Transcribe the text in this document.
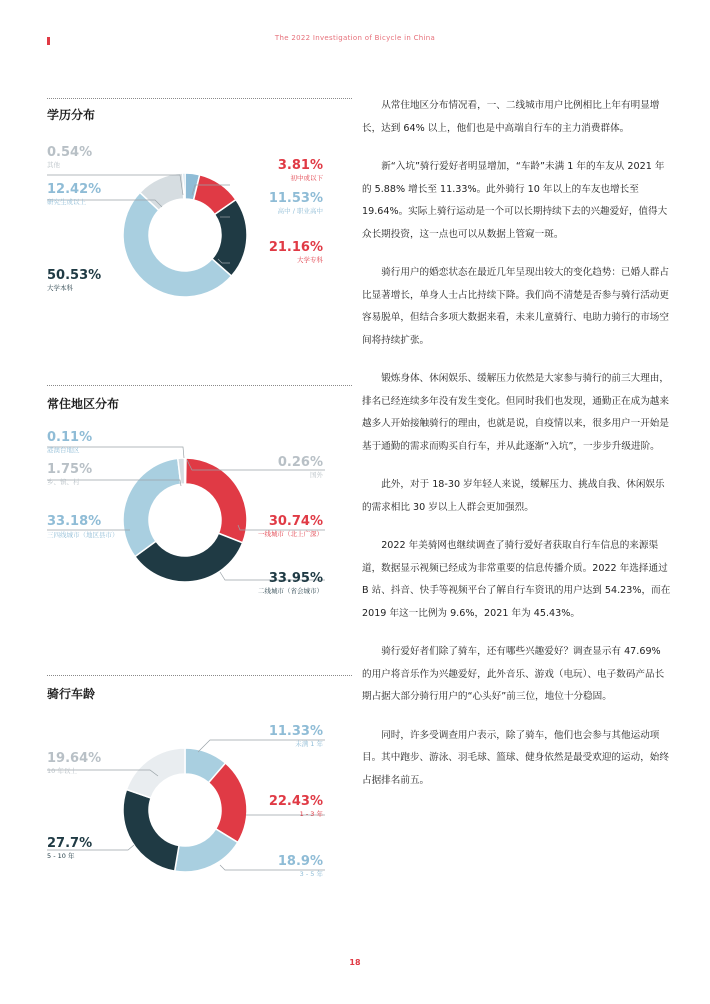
The 2022 Investigation of Bicycle in China
学历分布
0.54%
其他
12.42%
研究生或以上
3.81%
初中或以下
11.53%
高中 / 职业高中
21.16%
大学专科
50.53%
大学本科
常住地区分布
0.11%
港澳台地区
1.75%
乡、镇、村
0.26%
国外
33.18%
三四线城市（地区县市）
30.74%
一线城市（北上广深）
33.95%
二线城市（省会城市）
骑行车龄
11.33%
未满 1 年
19.64%
10 年以上
22.43%
1 - 3 年
27.7%
5 - 10 年	18.9%
3 - 5 年

从常住地区分布情况看，一、二线城市用户比例相比上年有明显增长，达到 64% 以上，他们也是中高端自行车的主力消费群体。

新“入坑”骑行爱好者明显增加，“车龄”未满 1 年的车友从 2021 年的 5.88% 增长至 11.33%。此外骑行 10 年以上的车友也增长至 19.64%。实际上骑行运动是一个可以长期持续下去的兴趣爱好，值得大众长期投资，这一点也可以从数据上管窥一斑。

骑行用户的婚恋状态在最近几年呈现出较大的变化趋势：已婚人群占比显著增长，单身人士占比持续下降。我们尚不清楚是否参与骑行活动更容易脱单，但结合多项大数据来看，未来儿童骑行、电助力骑行的市场空间将持续扩张。

锻炼身体、休闲娱乐、缓解压力依然是大家参与骑行的前三大理由，排名已经连续多年没有发生变化。但同时我们也发现，通勤正在成为越来越多人开始接触骑行的理由，也就是说，自疫情以来，很多用户一开始是基于通勤的需求而购买自行车，并从此逐渐“入坑”，一步步升级进阶。

此外，对于 18-30 岁年轻人来说，缓解压力、挑战自我、休闲娱乐的需求相比 30 岁以上人群会更加强烈。

2022 年美骑网也继续调查了骑行爱好者获取自行车信息的来源渠道，数据显示视频已经成为非常重要的信息传播介质。2022 年选择通过 B 站、抖音、快手等视频平台了解自行车资讯的用户达到 54.23%，而在 2019 年这一比例为 9.6%，2021 年为 45.43%。

骑行爱好者们除了骑车，还有哪些兴趣爱好？调查显示有 47.69% 的用户将音乐作为兴趣爱好，此外音乐、游戏（电玩）、电子数码产品长期占据大部分骑行用户的“心头好”前三位，地位十分稳固。

同时，许多受调查用户表示，除了骑车，他们也会参与其他运动项目。其中跑步、游泳、羽毛球、篮球、健身依然是最受欢迎的运动，始终占据排名前五。

18
